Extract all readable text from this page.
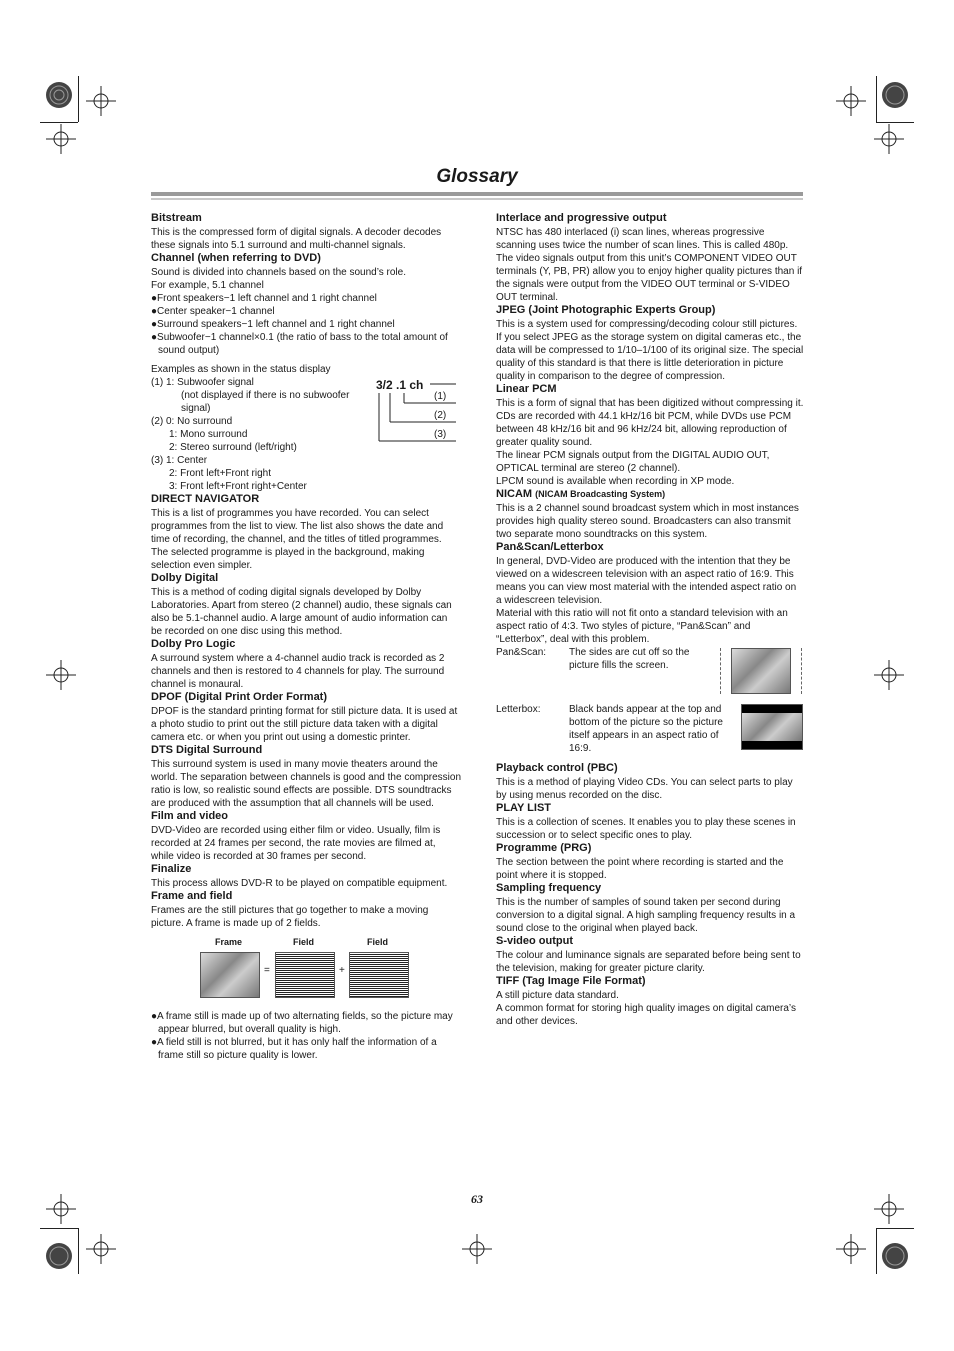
Glossary
Bitstream

This is the compressed form of digital signals. A decoder decodes these signals into 5.1 surround and multi-channel signals.

Channel (when referring to DVD)

Sound is divided into channels based on the sound’s role.

For example, 5.1 channel

●Front speakers−1 left channel and 1 right channel

●Center speaker−1 channel

●Surround speakers−1 left channel and 1 right channel

●Subwoofer−1 channel×0.1 (the ratio of bass to the total amount of sound output)

Examples as shown in the status display

(1) 1: Subwoofer signal

(not displayed if there is no subwoofer

signal)

(2) 0: No surround

1: Mono surround

2: Stereo surround (left/right)

(3) 1: Center

2: Front left+Front right

3: Front left+Front right+Center

3/2 .1 ch
(1)
(2)
(3)
DIRECT NAVIGATOR

This is a list of programmes you have recorded. You can select programmes from the list to view. The list also shows the date and time of recording, the channel, and the titles of titled programmes. The selected programme is played in the background, making selection even simpler.

Dolby Digital

This is a method of coding digital signals developed by Dolby Laboratories. Apart from stereo (2 channel) audio, these signals can also be 5.1-channel audio. A large amount of audio information can be recorded on one disc using this method.

Dolby Pro Logic

A surround system where a 4-channel audio track is recorded as 2 channels and then is restored to 4 channels for play. The surround channel is monaural.

DPOF (Digital Print Order Format)

DPOF is the standard printing format for still picture data. It is used at a photo studio to print out the still picture data taken with a digital camera etc. or when you print out using a domestic printer.

DTS Digital Surround

This surround system is used in many movie theaters around the world. The separation between channels is good and the compression ratio is low, so realistic sound effects are possible. DTS soundtracks are produced with the assumption that all channels will be used.

Film and video

DVD-Video are recorded using either film or video. Usually, film is recorded at 24 frames per second, the rate movies are filmed at, while video is recorded at 30 frames per second.

Finalize

This process allows DVD-R to be played on compatible equipment.

Frame and field

Frames are the still pictures that go together to make a moving picture. A frame is made up of 2 fields.

Frame	Field	Field
=	+

●A frame still is made up of two alternating fields, so the picture may appear blurred, but overall quality is high.

●A field still is not blurred, but it has only half the information of a frame still so picture quality is lower.

Interlace and progressive output

NTSC has 480 interlaced (i) scan lines, whereas progressive scanning uses twice the number of scan lines. This is called 480p. The video signals output from this unit’s COMPONENT VIDEO OUT terminals (Y, PB, PR) allow you to enjoy higher quality pictures than if the signals were output from the VIDEO OUT terminal or S-VIDEO OUT terminal.

JPEG (Joint Photographic Experts Group)

This is a system used for compressing/decoding colour still pictures.

If you select JPEG as the storage system on digital cameras etc., the data will be compressed to 1/10–1/100 of its original size. The special quality of this standard is that there is little deterioration in picture quality in comparison to the degree of compression.

Linear PCM

This is a form of signal that has been digitized without compressing it. CDs are recorded with 44.1 kHz/16 bit PCM, while DVDs use PCM between 48 kHz/16 bit and 96 kHz/24 bit, allowing reproduction of greater quality sound.

The linear PCM signals output from the DIGITAL AUDIO OUT, OPTICAL terminal are stereo (2 channel).

LPCM sound is available when recording in XP mode.

NICAM (NICAM Broadcasting System)

This is a 2 channel sound broadcast system which in most instances provides high quality stereo sound. Broadcasters can also transmit two separate mono soundtracks on this system.

Pan&Scan/Letterbox

In general, DVD-Video are produced with the intention that they be viewed on a widescreen television with an aspect ratio of 16:9. This means you can view most material with the intended aspect ratio on a widescreen television.

Material with this ratio will not fit onto a standard television with an aspect ratio of 4:3. Two styles of picture, “Pan&Scan” and “Letterbox”, deal with this problem.

Pan&Scan: The sides are cut off so the picture fills the screen.
Letterbox:	Black bands appear at the top and bottom of the picture so the picture itself appears in an aspect ratio of 16:9.
Playback control (PBC)

This is a method of playing Video CDs. You can select parts to play by using menus recorded on the disc.

PLAY LIST

This is a collection of scenes. It enables you to play these scenes in succession or to select specific ones to play.

Programme (PRG)

The section between the point where recording is started and the point where it is stopped.

Sampling frequency

This is the number of samples of sound taken per second during conversion to a digital signal. A high sampling frequency results in a sound close to the original when played back.

S-video output

The colour and luminance signals are separated before being sent to the television, making for greater picture clarity.

TIFF (Tag Image File Format)

A still picture data standard.

A common format for storing high quality images on digital camera’s and other devices.

63
